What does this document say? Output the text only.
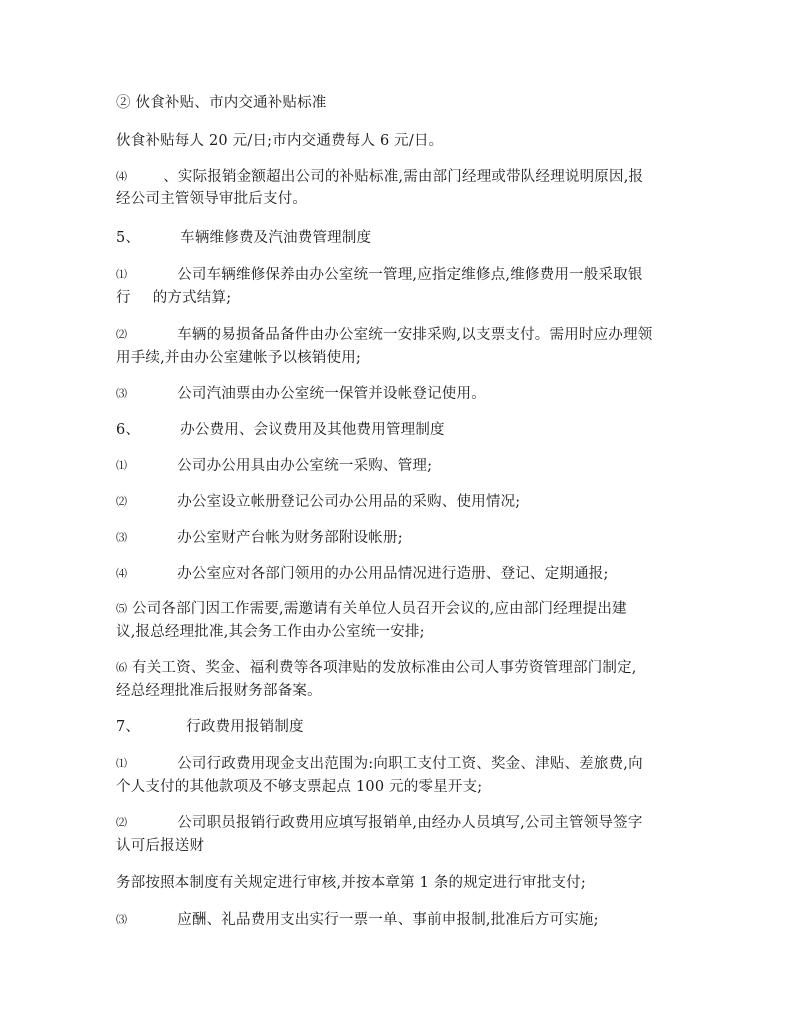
② 伙食补贴、市内交通补贴标准
伙食补贴每人 20 元/日;市内交通费每人 6 元/日。
⑷ 、实际报销金额超出公司的补贴标准,需由部门经理或带队经理说明原因,报
经公司主管领导审批后支付。
5、	车辆维修费及汽油费管理制度
⑴	公司车辆维修保养由办公室统一管理,应指定维修点,维修费用一般采取银
行 的方式结算;
⑵	车辆的易损备品备件由办公室统一安排采购,以支票支付。需用时应办理领
用手续,并由办公室建帐予以核销使用;
⑶	公司汽油票由办公室统一保管并设帐登记使用。
6、	办公费用、会议费用及其他费用管理制度
⑴	公司办公用具由办公室统一采购、管理;
⑵	办公室设立帐册登记公司办公用品的采购、使用情况;
⑶	办公室财产台帐为财务部附设帐册;
⑷	办公室应对各部门领用的办公用品情况进行造册、登记、定期通报;
⑸ 公司各部门因工作需要,需邀请有关单位人员召开会议的,应由部门经理提出建
议,报总经理批准,其会务工作由办公室统一安排;
⑹ 有关工资、奖金、福利费等各项津贴的发放标准由公司人事劳资管理部门制定,
经总经理批准后报财务部备案。
7、	行政费用报销制度
⑴	公司行政费用现金支出范围为:向职工支付工资、奖金、津贴、差旅费,向
个人支付的其他款项及不够支票起点 100 元的零星开支;
⑵	公司职员报销行政费用应填写报销单,由经办人员填写,公司主管领导签字
认可后报送财
务部按照本制度有关规定进行审核,并按本章第 1 条的规定进行审批支付;
⑶	应酬、礼品费用支出实行一票一单、事前申报制,批准后方可实施;
